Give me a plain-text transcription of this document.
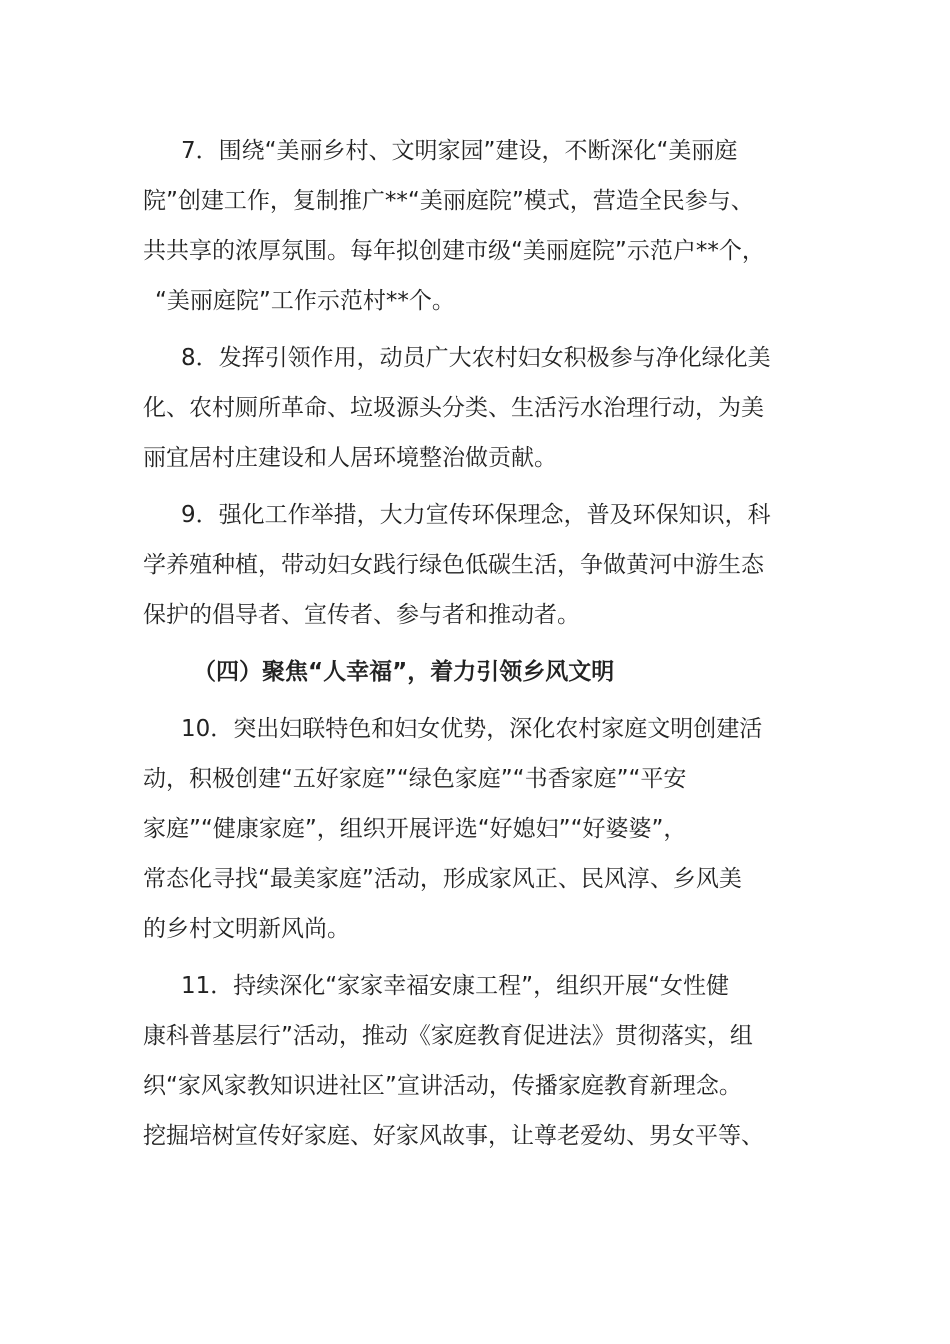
7．围绕“美丽乡村、文明家园”建设，不断深化“美丽庭
院”创建工作，复制推广**“美丽庭院”模式，营造全民参与、
共共享的浓厚氛围。每年拟创建市级“美丽庭院”示范户**个，
“美丽庭院”工作示范村**个。
8．发挥引领作用，动员广大农村妇女积极参与净化绿化美
化、农村厕所革命、垃圾源头分类、生活污水治理行动，为美
丽宜居村庄建设和人居环境整治做贡献。
9．强化工作举措，大力宣传环保理念，普及环保知识，科
学养殖种植，带动妇女践行绿色低碳生活，争做黄河中游生态
保护的倡导者、宣传者、参与者和推动者。
（四）聚焦“人幸福”，着力引领乡风文明
10．突出妇联特色和妇女优势，深化农村家庭文明创建活
动，积极创建“五好家庭”“绿色家庭”“书香家庭”“平安
家庭”“健康家庭”，组织开展评选“好媳妇”“好婆婆”，
常态化寻找“最美家庭”活动，形成家风正、民风淳、乡风美
的乡村文明新风尚。
11．持续深化“家家幸福安康工程”，组织开展“女性健
康科普基层行”活动，推动《家庭教育促进法》贯彻落实，组
织“家风家教知识进社区”宣讲活动，传播家庭教育新理念。
挖掘培树宣传好家庭、好家风故事，让尊老爱幼、男女平等、
